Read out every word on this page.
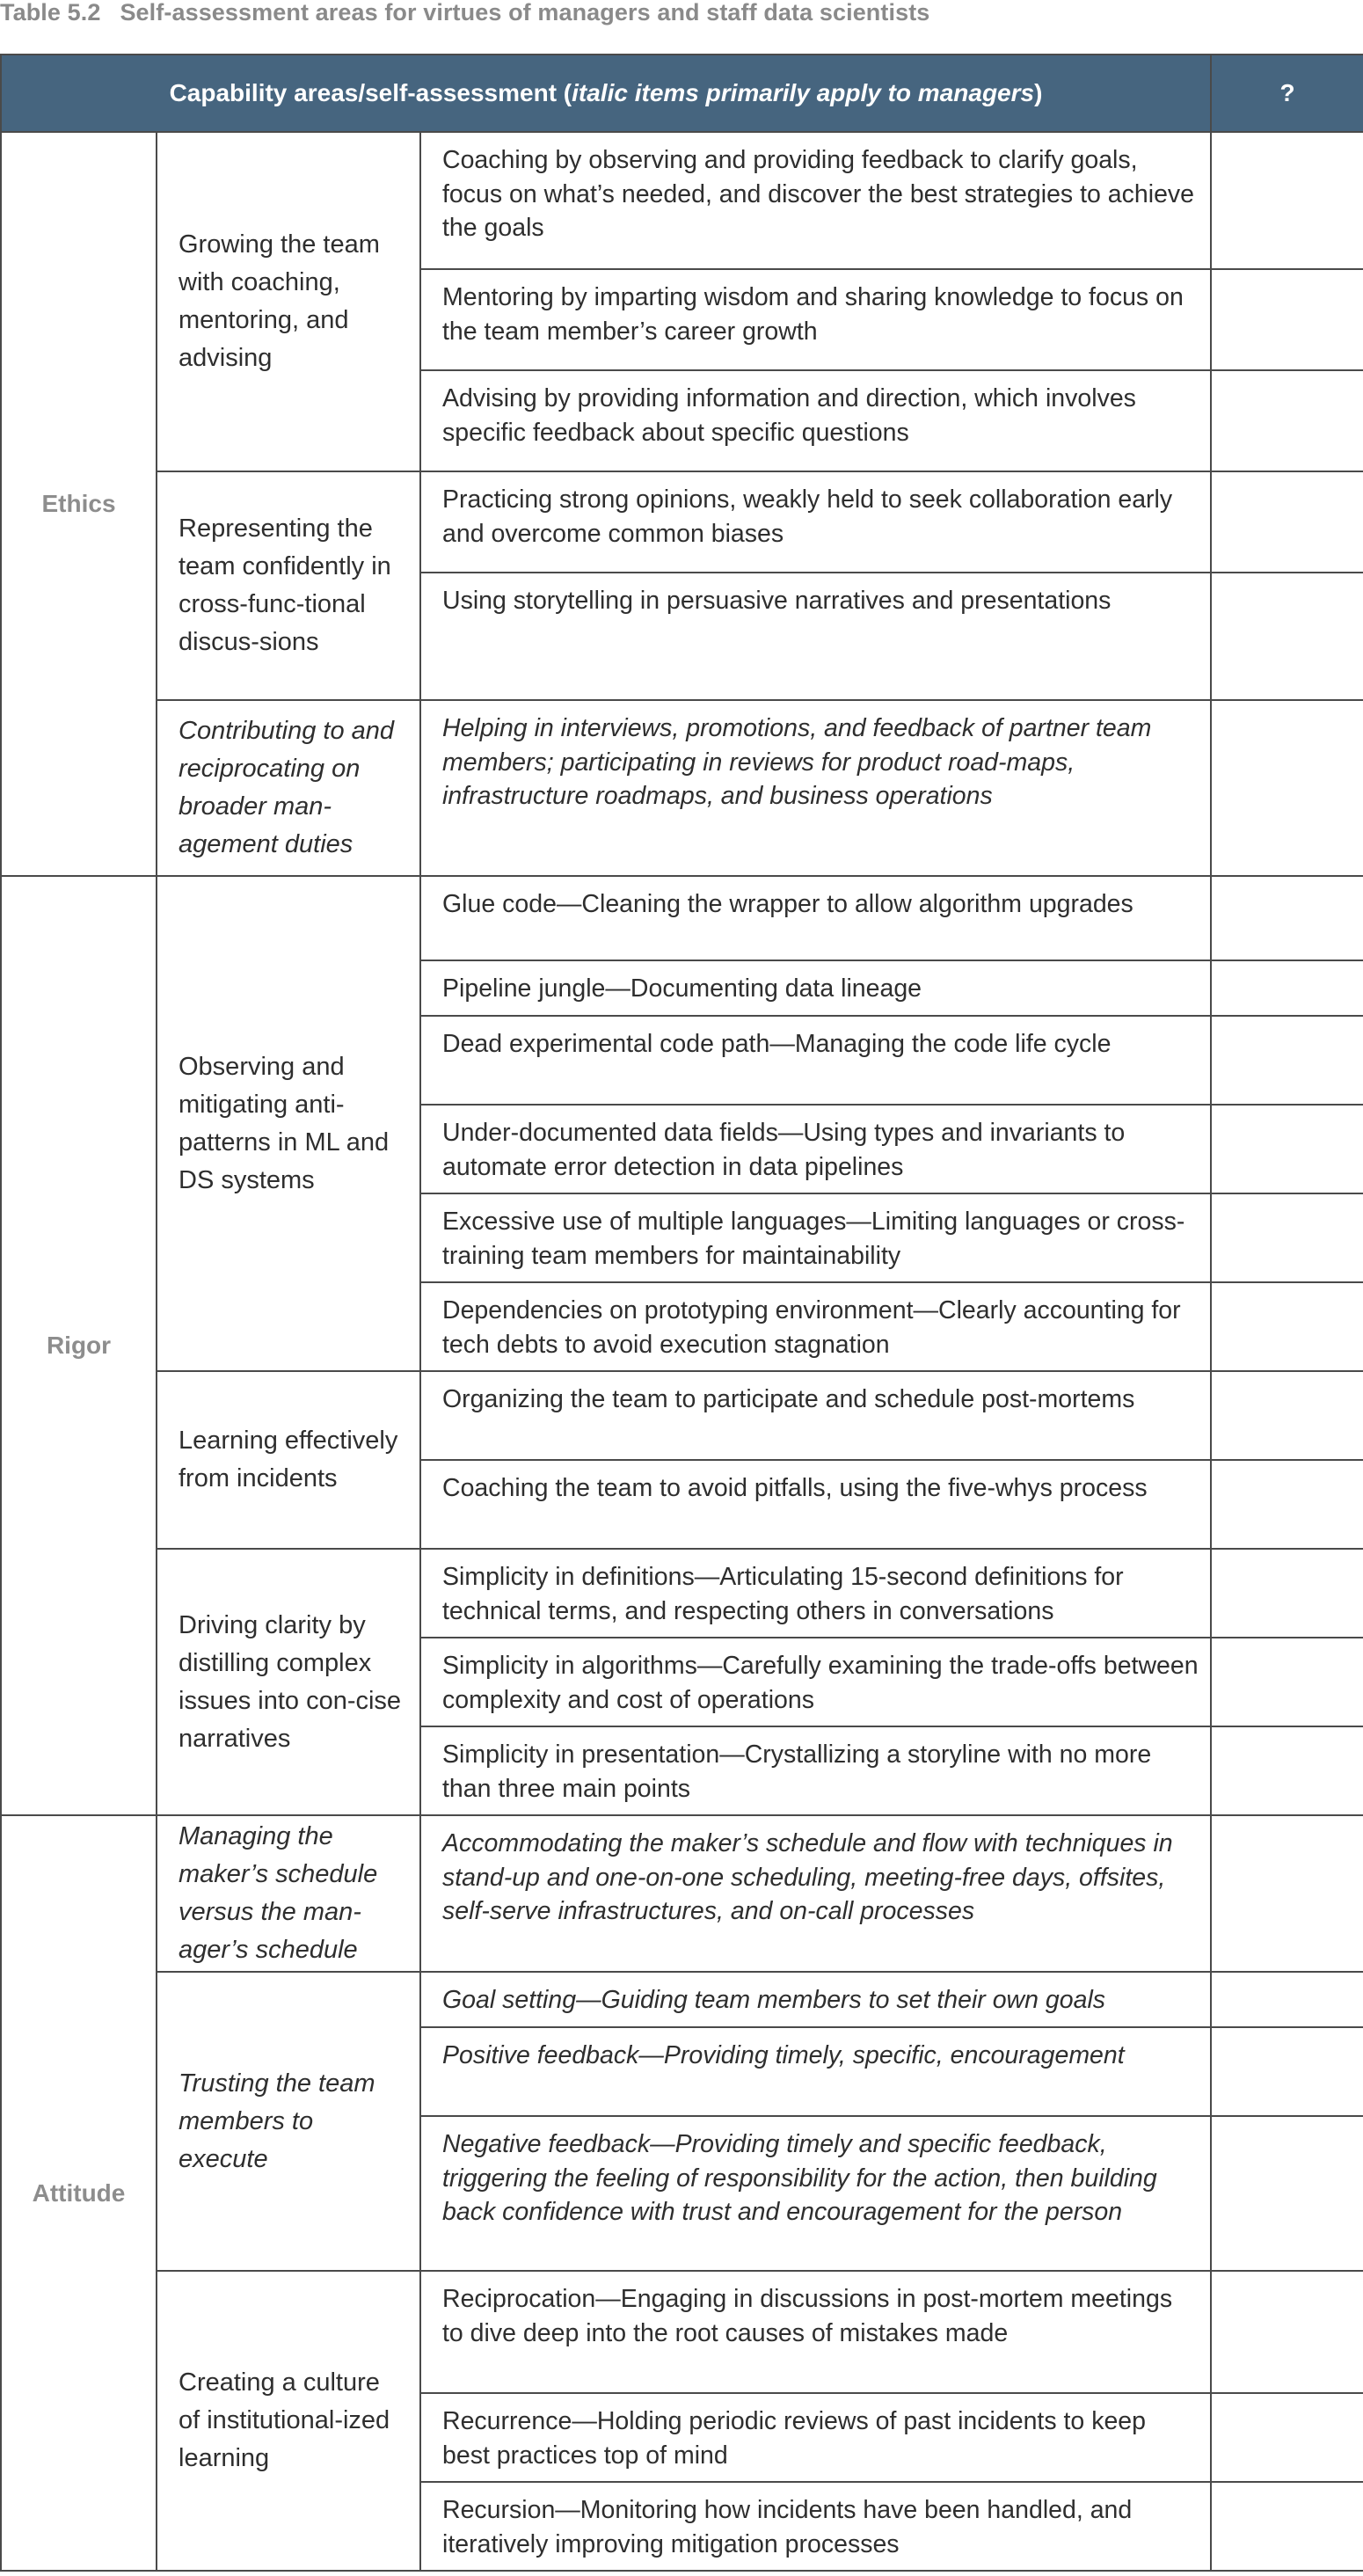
Table 5.2 Self-assessment areas for virtues of managers and staff data scientists
Capability areas/self-assessment (italic items primarily apply to managers)			?
Ethics	Growing the team with coaching, mentoring, and advising	Coaching by observing and providing feedback to clarify goals, focus on what’s needed, and discover the best strategies to achieve the goals	
		Mentoring by imparting wisdom and sharing knowledge to focus on the team member’s career growth	
		Advising by providing information and direction, which involves specific feedback about specific questions	
	Representing the team confidently in cross-func-tional discus-sions	Practicing strong opinions, weakly held to seek collaboration early and overcome common biases	
		Using storytelling in persuasive narratives and presentations	
	Contributing to and reciprocating on broader man-agement duties	Helping in interviews, promotions, and feedback of partner team members; participating in reviews for product road-maps, infrastructure roadmaps, and business operations	
Rigor	Observing and mitigating anti-patterns in ML and DS systems	Glue code—Cleaning the wrapper to allow algorithm upgrades	
		Pipeline jungle—Documenting data lineage	
		Dead experimental code path—Managing the code life cycle	
		Under-documented data fields—Using types and invariants to automate error detection in data pipelines	
		Excessive use of multiple languages—Limiting languages or cross-training team members for maintainability	
		Dependencies on prototyping environment—Clearly accounting for tech debts to avoid execution stagnation	
	Learning effectively from incidents	Organizing the team to participate and schedule post-mortems	
		Coaching the team to avoid pitfalls, using the five-whys process	
	Driving clarity by distilling complex issues into con-cise narratives	Simplicity in definitions—Articulating 15-second definitions for technical terms, and respecting others in conversations	
		Simplicity in algorithms—Carefully examining the trade-offs between complexity and cost of operations	
		Simplicity in presentation—Crystallizing a storyline with no more than three main points	
Attitude	Managing the maker’s schedule versus the man-ager’s schedule	Accommodating the maker’s schedule and flow with techniques in stand-up and one-on-one scheduling, meeting-free days, offsites, self-serve infrastructures, and on-call processes	
	Trusting the team members to execute	Goal setting—Guiding team members to set their own goals	
		Positive feedback—Providing timely, specific, encouragement	
		Negative feedback—Providing timely and specific feedback, triggering the feeling of responsibility for the action, then building back confidence with trust and encouragement for the person	
	Creating a culture of institutional-ized learning	Reciprocation—Engaging in discussions in post-mortem meetings to dive deep into the root causes of mistakes made	
		Recurrence—Holding periodic reviews of past incidents to keep best practices top of mind	
		Recursion—Monitoring how incidents have been handled, and iteratively improving mitigation processes	
